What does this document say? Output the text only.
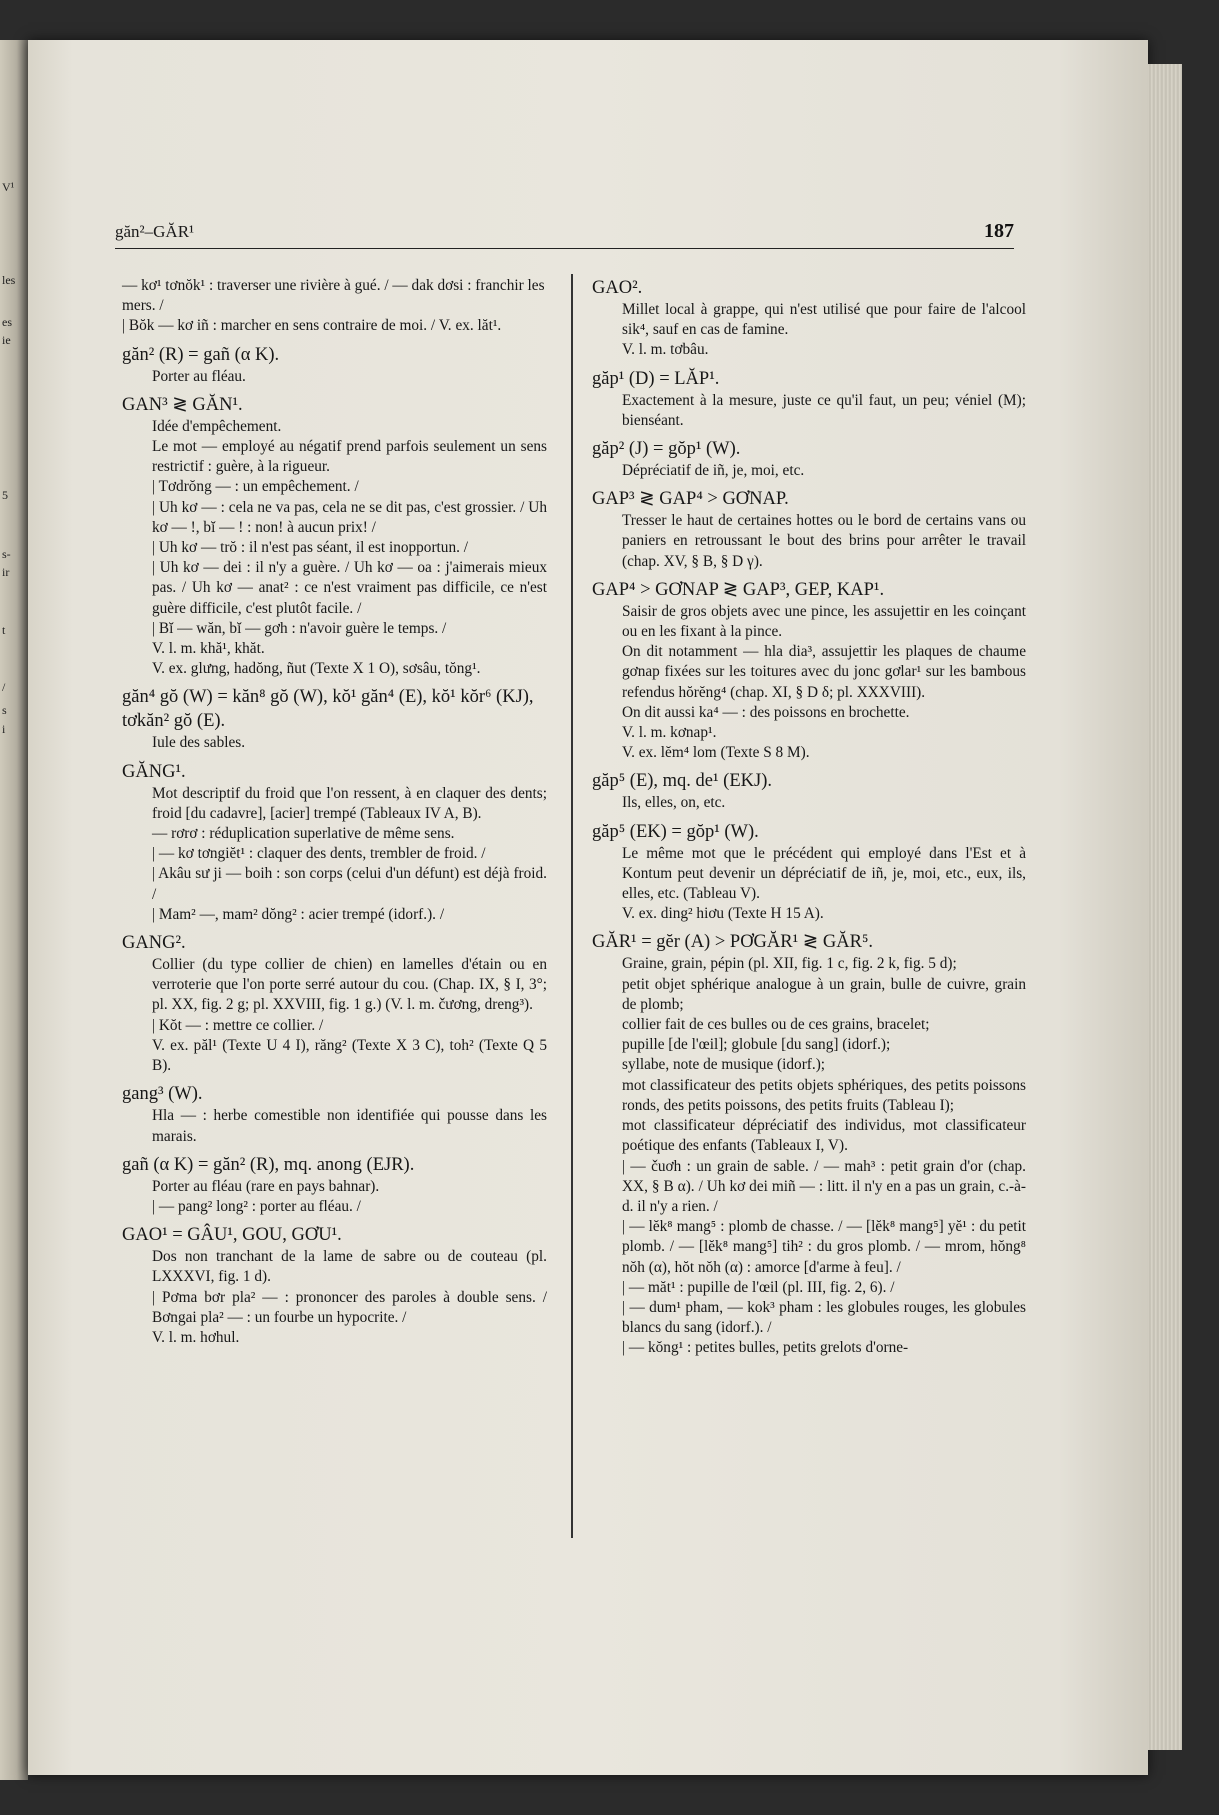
V¹
les
es
ie
5
s-
ir
t
/
s
i
găn²–GĂR¹	187

— kơ¹ tơnŏk¹ : traverser une rivière à gué. / — dak dơsi : franchir les mers. /

| Bŏk — kơ iñ : marcher en sens contraire de moi. / V. ex. lăt¹.

găn² (R) = gañ (α K).

Porter au fléau.

GAN³ ≷ GĂN¹.

Idée d'empêchement.

Le mot — employé au négatif prend parfois seulement un sens restrictif : guère, à la rigueur.

| Tơdrŏng — : un empêchement. /

| Uh kơ — : cela ne va pas, cela ne se dit pas, c'est grossier. / Uh kơ — !, bĭ — ! : non! à aucun prix! /

| Uh kơ — trŏ : il n'est pas séant, il est inopportun. /

| Uh kơ — dei : il n'y a guère. / Uh kơ — oa : j'aimerais mieux pas. / Uh kơ — anat² : ce n'est vraiment pas difficile, ce n'est guère difficile, c'est plutôt facile. /

| Bĭ — wăn, bĭ — gơh : n'avoir guère le temps. /

V. l. m. khă¹, khăt.

V. ex. glưng, hadŏng, ñut (Texte X 1 O), sơsâu, tŏng¹.

găn⁴ gŏ (W) = kăn⁸ gŏ (W), kŏ¹ găn⁴ (E), kŏ¹ kŏr⁶ (KJ), tơkăn² gŏ (E).

Iule des sables.

GĂNG¹.

Mot descriptif du froid que l'on ressent, à en claquer des dents; froid [du cadavre], [acier] trempé (Tableaux IV A, B).

— rơrơ : réduplication superlative de même sens.

| — kơ tơngiĕt¹ : claquer des dents, trembler de froid. /

| Akâu sư ji — boih : son corps (celui d'un défunt) est déjà froid. /

| Mam² —, mam² dŏng² : acier trempé (idorf.). /

GANG².

Collier (du type collier de chien) en lamelles d'étain ou en verroterie que l'on porte serré autour du cou. (Chap. IX, § I, 3°; pl. XX, fig. 2 g; pl. XXVIII, fig. 1 g.) (V. l. m. čương, dreng³).

| Kŏt — : mettre ce collier. /

V. ex. păl¹ (Texte U 4 I), răng² (Texte X 3 C), toh² (Texte Q 5 B).

gang³ (W).

Hla — : herbe comestible non identifiée qui pousse dans les marais.

gañ (α K) = găn² (R), mq. anong (EJR).

Porter au fléau (rare en pays bahnar).

| — pang² long² : porter au fléau. /

GAO¹ = GÂU¹, GOU, GƠU¹.

Dos non tranchant de la lame de sabre ou de couteau (pl. LXXXVI, fig. 1 d).

| Pơma bơr pla² — : prononcer des paroles à double sens. / Bơngai pla² — : un fourbe un hypocrite. /

V. l. m. hơhul.

GAO².

Millet local à grappe, qui n'est utilisé que pour faire de l'alcool sik⁴, sauf en cas de famine.

V. l. m. tơbâu.

găp¹ (D) = LĂP¹.

Exactement à la mesure, juste ce qu'il faut, un peu; véniel (M); bienséant.

găp² (J) = gŏp¹ (W).

Dépréciatif de iñ, je, moi, etc.

GAP³ ≷ GAP⁴ > GƠNAP.

Tresser le haut de certaines hottes ou le bord de certains vans ou paniers en retroussant le bout des brins pour arrêter le travail (chap. XV, § B, § D γ).

GAP⁴ > GƠNAP ≷ GAP³, GEP, KAP¹.

Saisir de gros objets avec une pince, les assujettir en les coinçant ou en les fixant à la pince.

On dit notamment — hla dia³, assujettir les plaques de chaume gơnap fixées sur les toitures avec du jonc gơlar¹ sur les bambous refendus hŏrĕng⁴ (chap. XI, § D δ; pl. XXXVIII).

On dit aussi ka⁴ — : des poissons en brochette.

V. l. m. kơnap¹.

V. ex. lĕm⁴ lom (Texte S 8 M).

găp⁵ (E), mq. de¹ (EKJ).

Ils, elles, on, etc.

găp⁵ (EK) = gŏp¹ (W).

Le même mot que le précédent qui employé dans l'Est et à Kontum peut devenir un dépréciatif de iñ, je, moi, etc., eux, ils, elles, etc. (Tableau V).

V. ex. ding² hiơu (Texte H 15 A).

GĂR¹ = gĕr (A) > PƠGĂR¹ ≷ GĂR⁵.

Graine, grain, pépin (pl. XII, fig. 1 c, fig. 2 k, fig. 5 d);

petit objet sphérique analogue à un grain, bulle de cuivre, grain de plomb;

collier fait de ces bulles ou de ces grains, bracelet;

pupille [de l'œil]; globule [du sang] (idorf.);

syllabe, note de musique (idorf.);

mot classificateur des petits objets sphériques, des petits poissons ronds, des petits poissons, des petits fruits (Tableau I);

mot classificateur dépréciatif des individus, mot classificateur poétique des enfants (Tableaux I, V).

| — čuơh : un grain de sable. / — mah³ : petit grain d'or (chap. XX, § B α). / Uh kơ dei miñ — : litt. il n'y en a pas un grain, c.-à-d. il n'y a rien. /

| — lĕk⁸ mang⁵ : plomb de chasse. / — [lĕk⁸ mang⁵] yĕ¹ : du petit plomb. / — [lĕk⁸ mang⁵] tih² : du gros plomb. / — mrom, hŏng⁸ nŏh (α), hŏt nŏh (α) : amorce [d'arme à feu]. /

| — măt¹ : pupille de l'œil (pl. III, fig. 2, 6). /

| — dum¹ pham, — kok³ pham : les globules rouges, les globules blancs du sang (idorf.). /

| — kŏng¹ : petites bulles, petits grelots d'orne-
